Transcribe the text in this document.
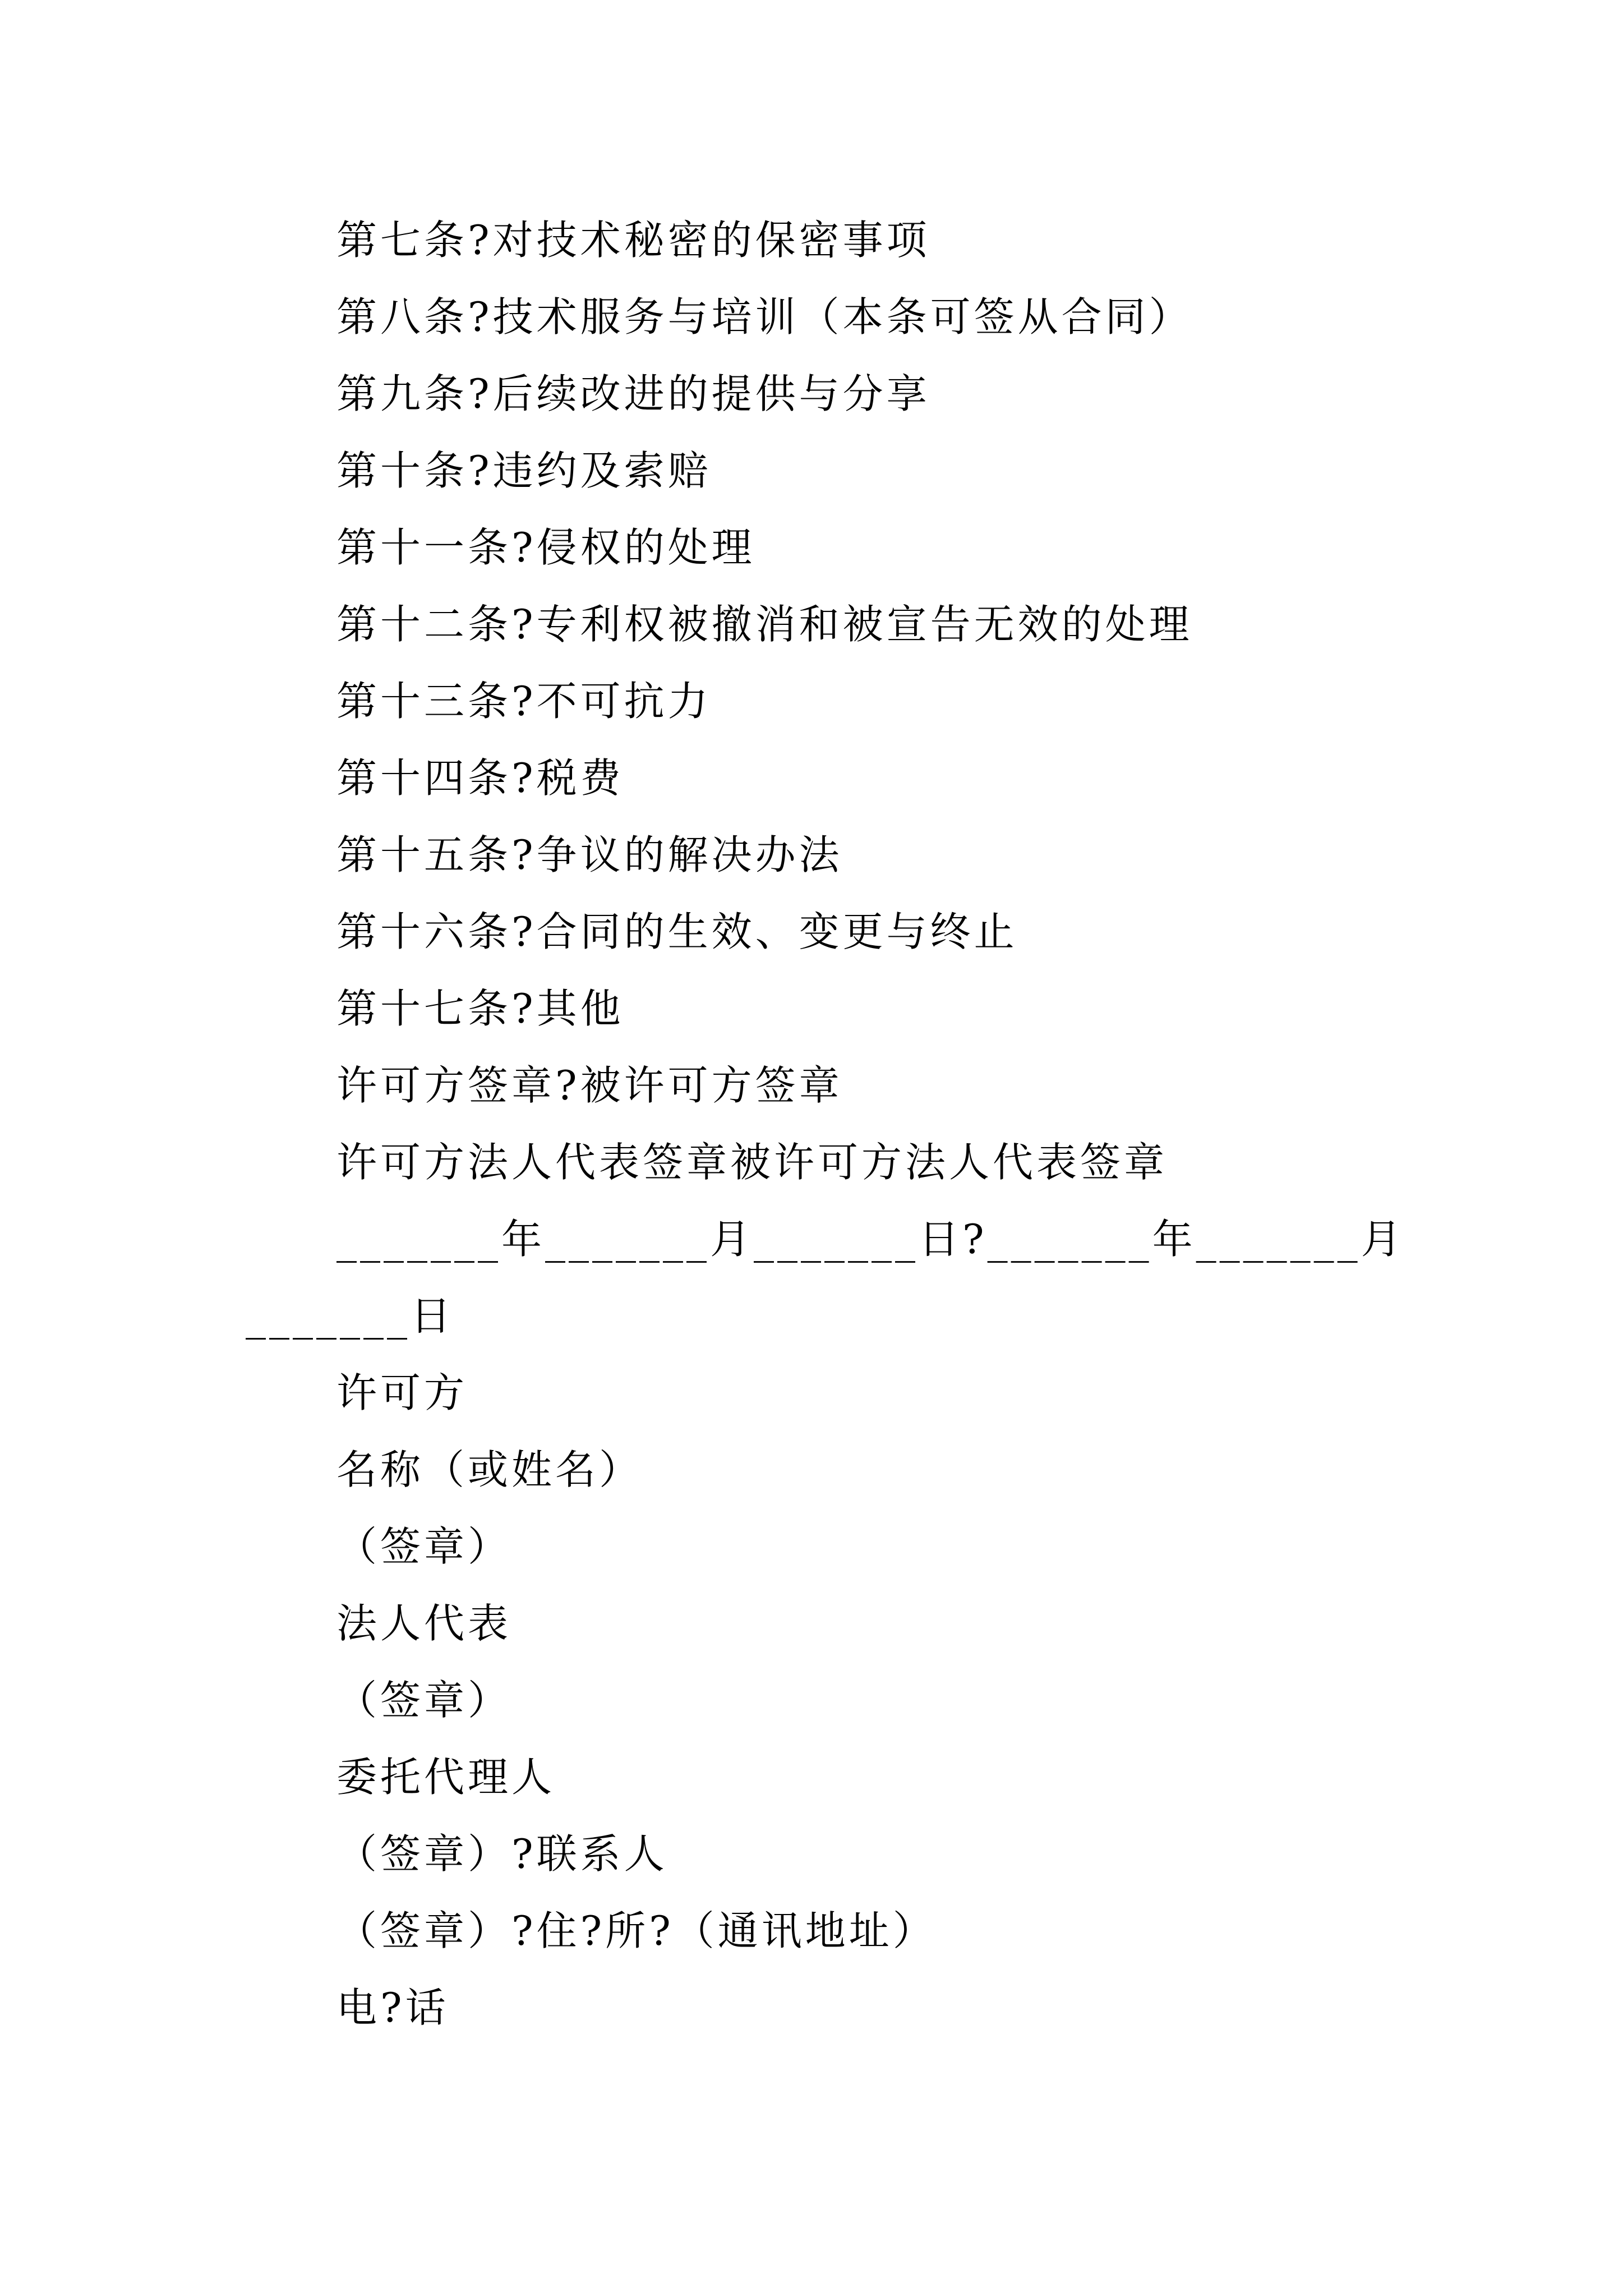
第七条?对技术秘密的保密事项
第八条?技术服务与培训（本条可签从合同）
第九条?后续改进的提供与分享
第十条?违约及索赔
第十一条?侵权的处理
第十二条?专利权被撤消和被宣告无效的处理
第十三条?不可抗力
第十四条?税费
第十五条?争议的解决办法
第十六条?合同的生效、变更与终止
第十七条?其他
许可方签章?被许可方签章
许可方法人代表签章被许可方法人代表签章
_______年_______月_______日?_______年_______月
_______日
许可方
名称（或姓名）
（签章）
法人代表
（签章）
委托代理人
（签章）?联系人
（签章）?住?所?（通讯地址）
电?话
